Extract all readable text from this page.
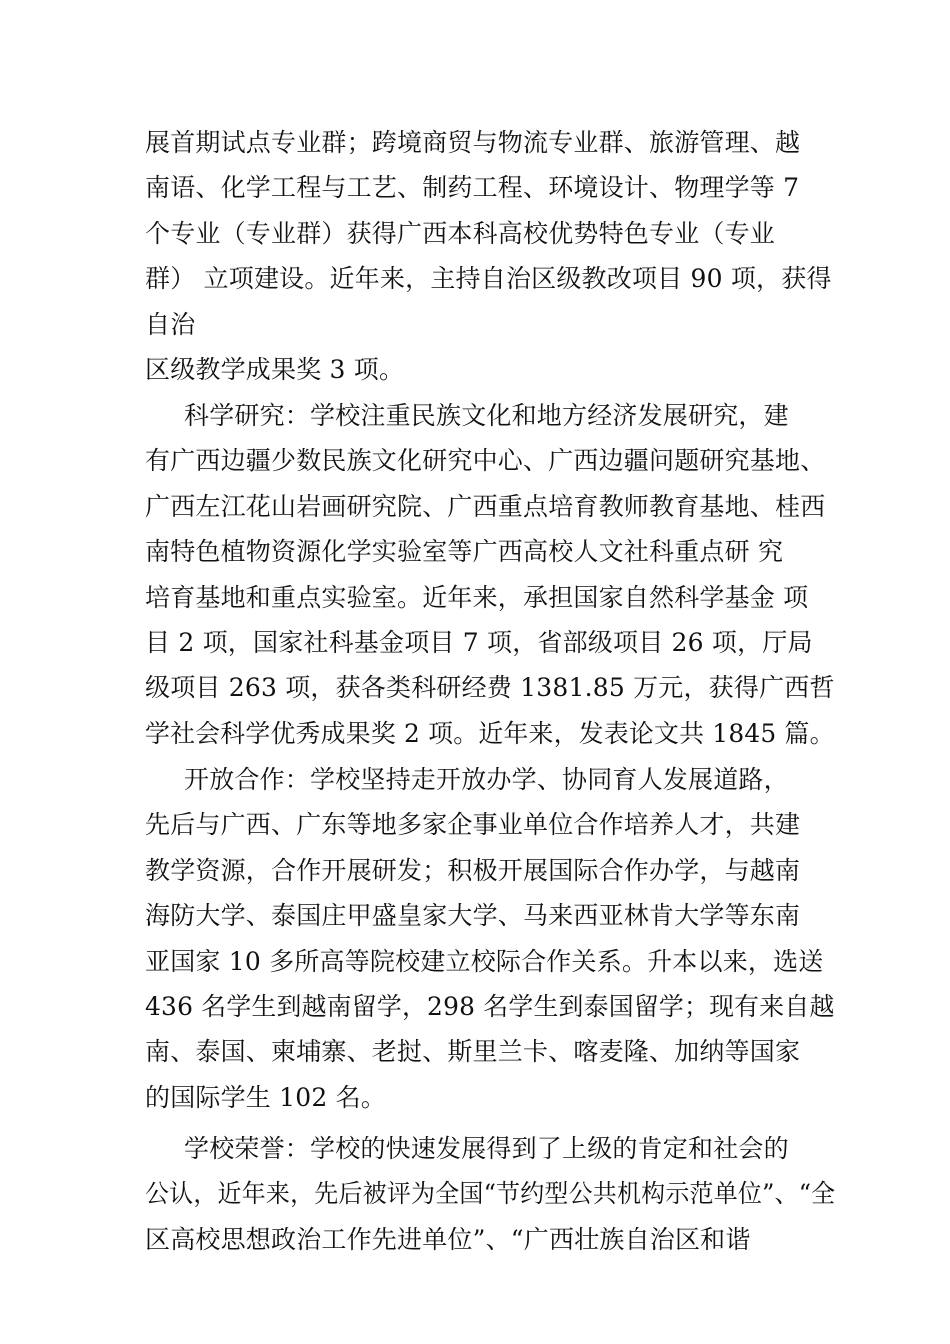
展首期试点专业群；跨境商贸与物流专业群、旅游管理、越
南语、化学工程与工艺、制药工程、环境设计、物理学等 7
个专业（专业群）获得广西本科高校优势特色专业（专业
群） 立项建设。近年来，主持自治区级教改项目 90 项，获得
自治
区级教学成果奖 3 项。
科学研究：学校注重民族文化和地方经济发展研究，建
有广西边疆少数民族文化研究中心、广西边疆问题研究基地、
广西左江花山岩画研究院、广西重点培育教师教育基地、桂西
南特色植物资源化学实验室等广西高校人文社科重点研 究
培育基地和重点实验室。近年来，承担国家自然科学基金 项
目 2 项，国家社科基金项目 7 项，省部级项目 26 项，厅局
级项目 263 项，获各类科研经费 1381.85 万元，获得广西哲
学社会科学优秀成果奖 2 项。近年来，发表论文共 1845 篇。
开放合作：学校坚持走开放办学、协同育人发展道路，
先后与广西、广东等地多家企事业单位合作培养人才，共建
教学资源，合作开展研发；积极开展国际合作办学，与越南
海防大学、泰国庄甲盛皇家大学、马来西亚林肯大学等东南
亚国家 10 多所高等院校建立校际合作关系。升本以来，选送
436 名学生到越南留学，298 名学生到泰国留学；现有来自越
南、泰国、柬埔寨、老挝、斯里兰卡、喀麦隆、加纳等国家
的国际学生 102 名。
学校荣誉：学校的快速发展得到了上级的肯定和社会的
公认，近年来，先后被评为全国“节约型公共机构示范单位”、“全
区高校思想政治工作先进单位”、“广西壮族自治区和谐
